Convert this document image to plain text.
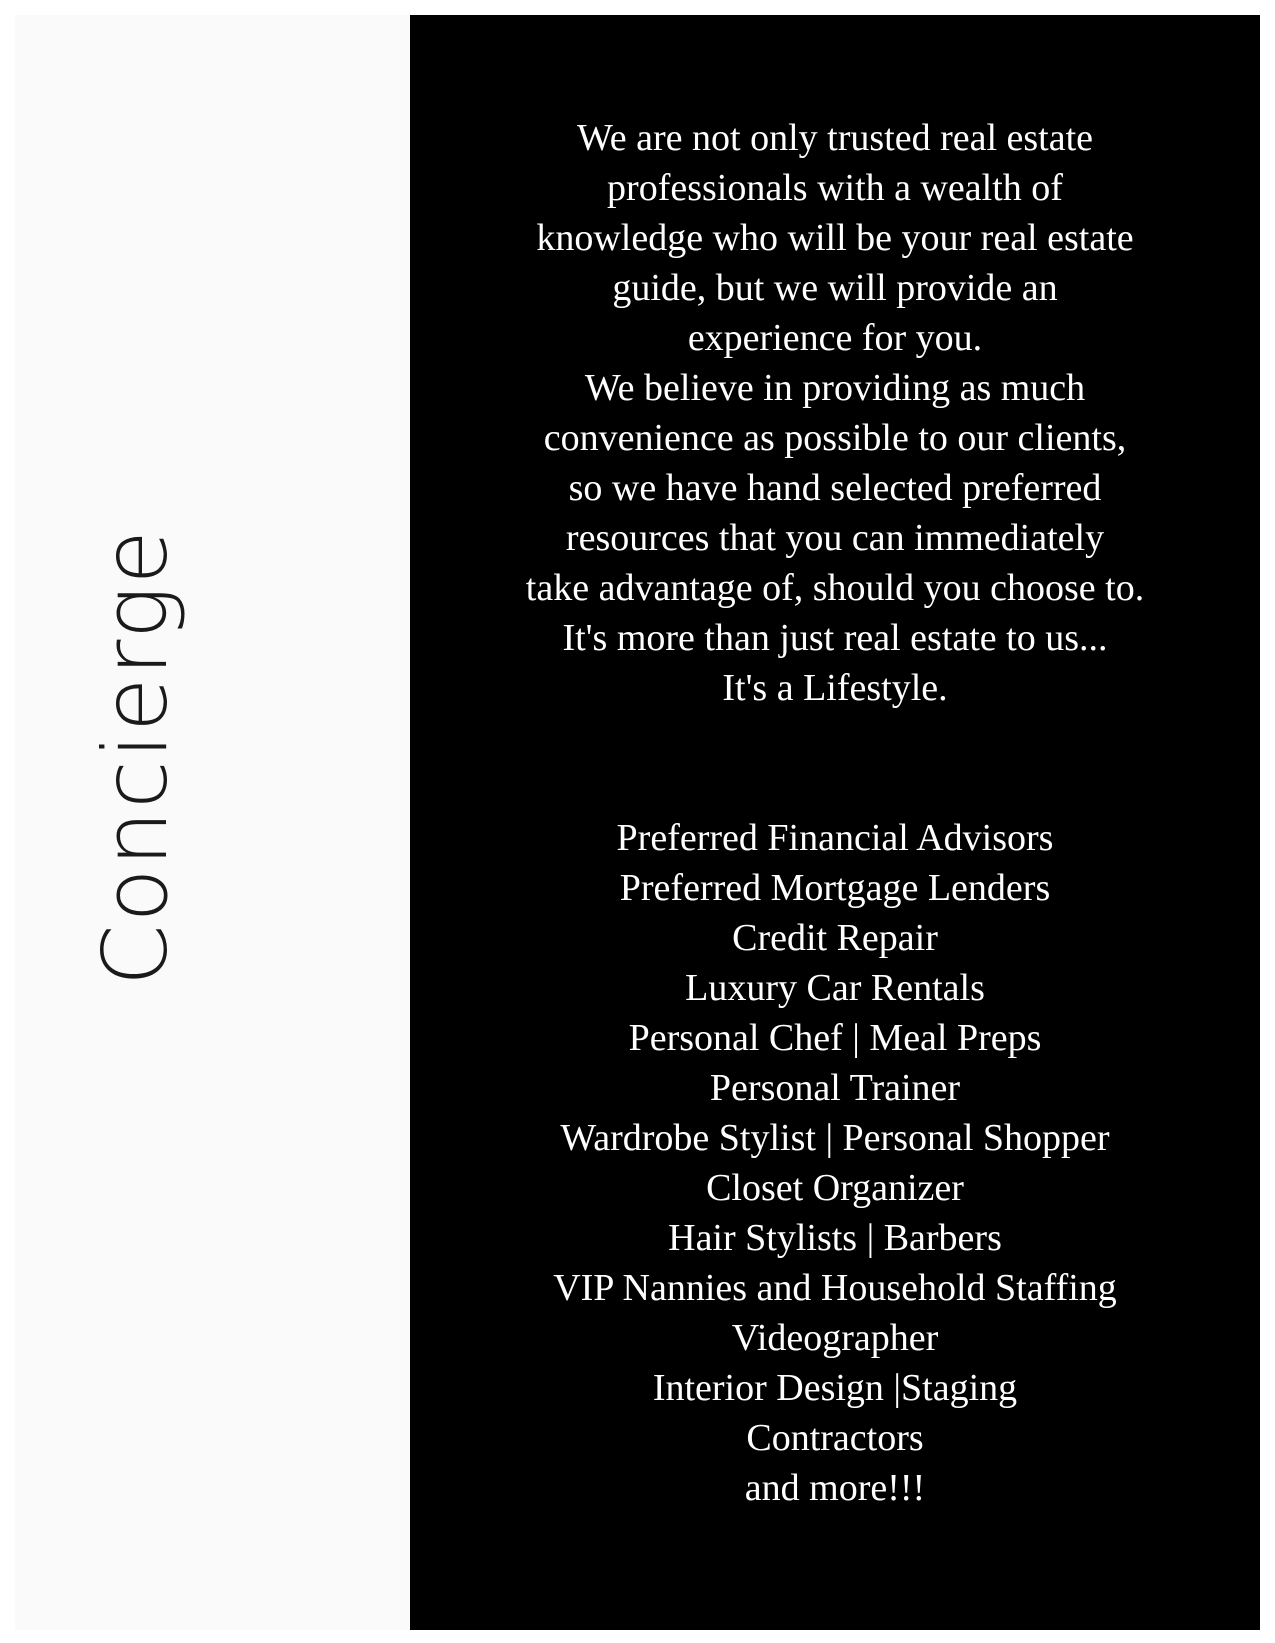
Concierge
We are not only trusted real estate
professionals with a wealth of
knowledge who will be your real estate
guide, but we will provide an
experience for you.
We believe in providing as much
convenience as possible to our clients,
so we have hand selected preferred
resources that you can immediately
take advantage of, should you choose to.
It's more than just real estate to us...
It's a Lifestyle.
Preferred Financial Advisors
Preferred Mortgage Lenders
Credit Repair
Luxury Car Rentals
Personal Chef | Meal Preps
Personal Trainer
Wardrobe Stylist | Personal Shopper
Closet Organizer
Hair Stylists | Barbers
VIP Nannies and Household Staffing
Videographer
Interior Design |Staging
Contractors
and more!!!
